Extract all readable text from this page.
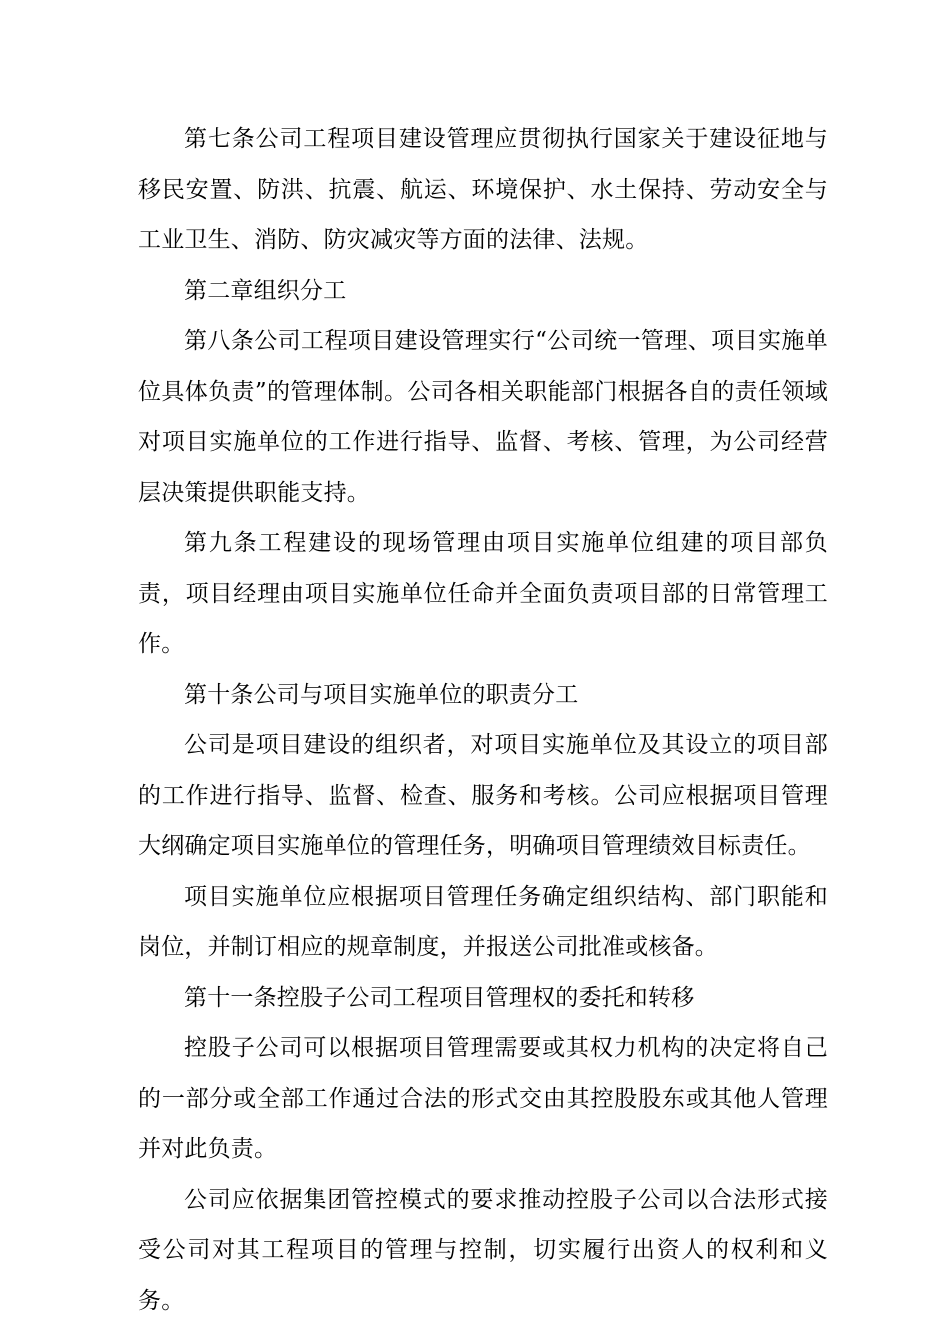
第七条公司工程项目建设管理应贯彻执行国家关于建设征地与移民安置、防洪、抗震、航运、环境保护、水土保持、劳动安全与工业卫生、消防、防灾减灾等方面的法律、法规。

第二章组织分工

第八条公司工程项目建设管理实行“公司统一管理、项目实施单位具体负责”的管理体制。公司各相关职能部门根据各自的责任领域对项目实施单位的工作进行指导、监督、考核、管理，为公司经营层决策提供职能支持。

第九条工程建设的现场管理由项目实施单位组建的项目部负责，项目经理由项目实施单位任命并全面负责项目部的日常管理工作。

第十条公司与项目实施单位的职责分工

公司是项目建设的组织者，对项目实施单位及其设立的项目部的工作进行指导、监督、检查、服务和考核。公司应根据项目管理大纲确定项目实施单位的管理任务，明确项目管理绩效目标责任。

项目实施单位应根据项目管理任务确定组织结构、部门职能和岗位，并制订相应的规章制度，并报送公司批准或核备。

第十一条控股子公司工程项目管理权的委托和转移

控股子公司可以根据项目管理需要或其权力机构的决定将自己的一部分或全部工作通过合法的形式交由其控股股东或其他人管理并对此负责。

公司应依据集团管控模式的要求推动控股子公司以合法形式接受公司对其工程项目的管理与控制，切实履行出资人的权利和义务。
